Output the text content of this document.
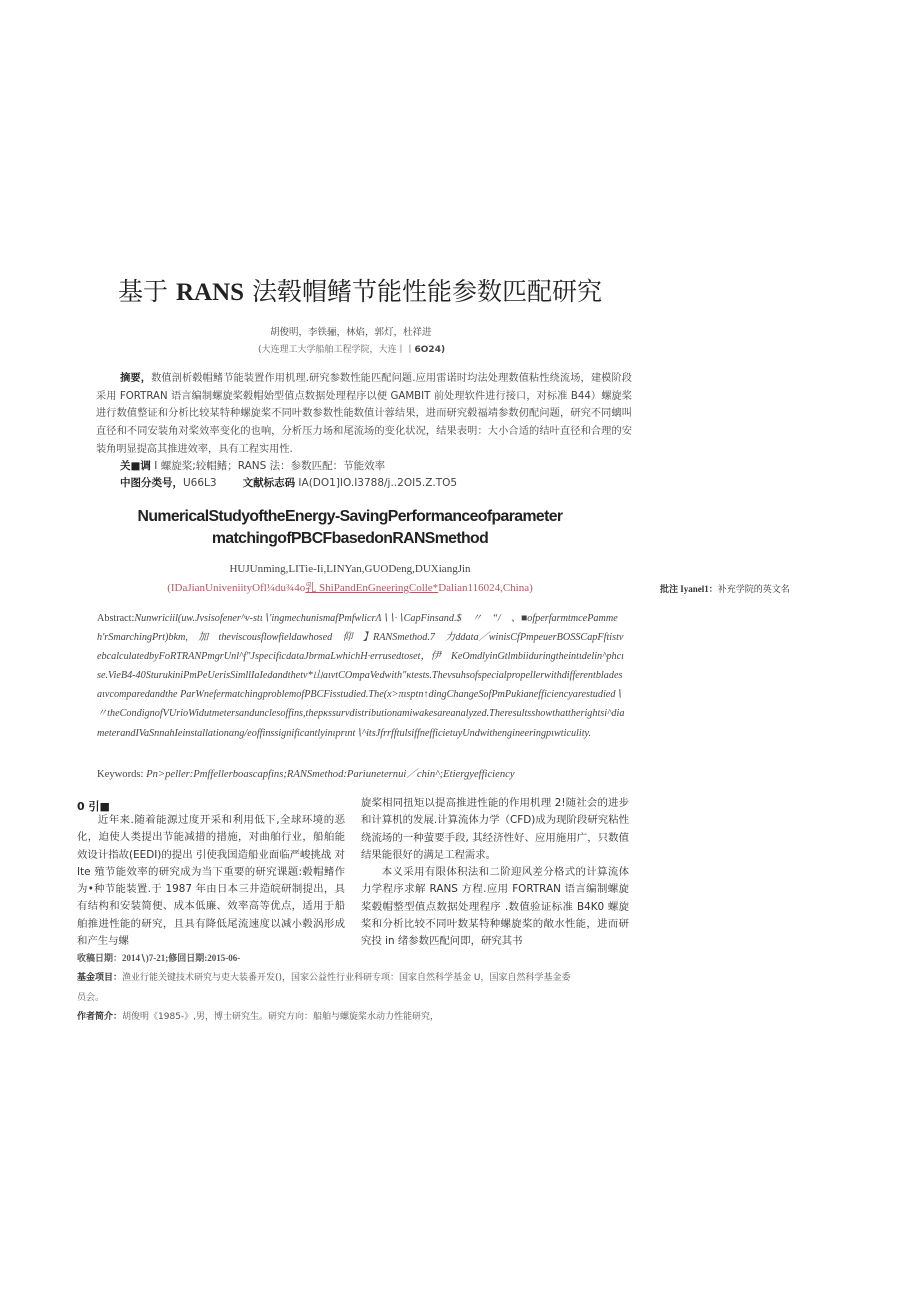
基于 RANS 法毂帽鳍节能性能参数匹配研究
胡俊明，李铁骊，林焰，郭灯，杜祥进
(大连理工大学船舶工程学院，大连丨丨6O24)
摘要，数值剖析毂帽鳍节能装置作用机理.研究参数性能匹配问题.应用雷诺时均法处理数值粘性绕流场，建模阶段采用 FORTRAN 语言编制螺旋桨毂帽始型值点数据处理程序以便 GAMBIT 前处理软件进行接口，对标准 B44）螺旋桨进行数值整证和分析比较某特种螺旋桨不同叶数参数性能数值计蓉结果，进而研究毂福靖参数仞配问题，研究不同螭叫直径和不同安装角对桨效率变化的也响，分析压力场和尾流场的变化状况，结果表明：大小合适的结叶直径和合理的安装角明显提高其推进效率，具有工程实用性.
关■调 I 螺旋桨;较帽鳍；RANS 法：参数匹配：节能效率
中图分类号，U66L3 文献标志码 IA(DO1]IO.I3788/j..2OI5.Z.TO5
NumericalStudyoftheEnergy-SavingPerformanceofparameter
matchingofPBCFbasedonRANSmethod
HUJUnming,LITie-Ii,LINYan,GUODeng,DUXiangJin
(IDaJianUniveniityOfl¼du¾4o乳 ShiPandEnGneeringColle*Dalian116024,China)	批注 Iyanel1：补充学院的英文名
Abstract:Nunwriciil(uw.Jvsisofener^v-stι∖'ingmechunismafPmfwlicrΛ∖∖∙∖CapFinsand.$　〃　“/　、■ofperfarmtmcePammeh'rSmarchingPrt)bkm,　加　theviscousflowfieldawhosed　仰　】RANSmethod.7　力ddata／winisCfPmpeuerBOSSCapFftistvebcalculatedbyFoRTRANPmgrUnl^f"JspecificdataJbrmaLwhichH∙errusedtoset，伊　KeOmdlyinGtlmbiiduringtheintιdelin^phcıse.VieB4-40SturukiniPmPeUerisSimllIaIedandthetv*山aιvtCOmpaVedwith"κtests.Thevsuhsofspecialpropellerwithdifferentbladesaιvcomparedandthe ParWnefermatchingproblemofPBCFisstudied.The(x>πιsptn↑dingChangeSofPmPukianefficiencyarestudied∖　〃theCondignofVUrioWidutmetersandunclesoffins,thepκssurvdistributionamiwakesareanalyzed.Theresultsshowthattherightsi^diameterandIVaSnnahIeinstallationαng/eoffinssignificantlyinιprιnt∖^itsJfrrfftulsiffnefficietuyUndwithengineeringpιwticulity.
Keywords: Pn>peller:Pmffellerboascapfins;RANSmethod:Pariuneternui／chin^;Etiergyefficiency
0 引■

近年来.随着能源过度开采和利用低下,全球环境的恶化，迫使人类提出节能减措的措施，对曲舶行业，船舶能效设计指故(EEDI)的提出 引使我国造船业面临严峻挑战 对 Ite 殖节能效率的研究成为当下重要的研究课题:毂帽鳍作为•种节能装置.于 1987 年由日本三井造皖研制提出，具有结构和安装简便、成本低廉、效率高等优点，适用于船舶推进性能的研究，且具有降低尾流速度以减小毂涡形成和产生与螺

旋桨相同扭矩以提高推进性能的作用机理 2!随社会的进步和计算机的发展.计算流体力学（CFD)成为现阶段研究粘性绕流场的一种萤要手段, 其经济性好、应用施用广，只数值结果能很好的满足工程需求。

本义采用有限体积法和二阶迎风差分格式的计算流体力学程序求解 RANS 方程.应用 FORTRAN 语言编制螺旋桨毂帽整型值点数据处理程序 .数值验证标准 B4K0 螺旋桨和分析比较不同叶数某特种螺旋桨的敞水性能，进而研究投 in 绪参数匹配问即，研究其书

收稿日期：2014∖)7-21;修回日期:2015-06-
基金项目：渔业行能关键技术研究与吏大装番开发()，国家公益性行业科研专项：国家自然科学基金 U，国家自然科学基金委
员会。
作者简介：胡俊明《1985-》,男，博士研究生。研究方向：船舶与螺旋桨水动力性能研究，
